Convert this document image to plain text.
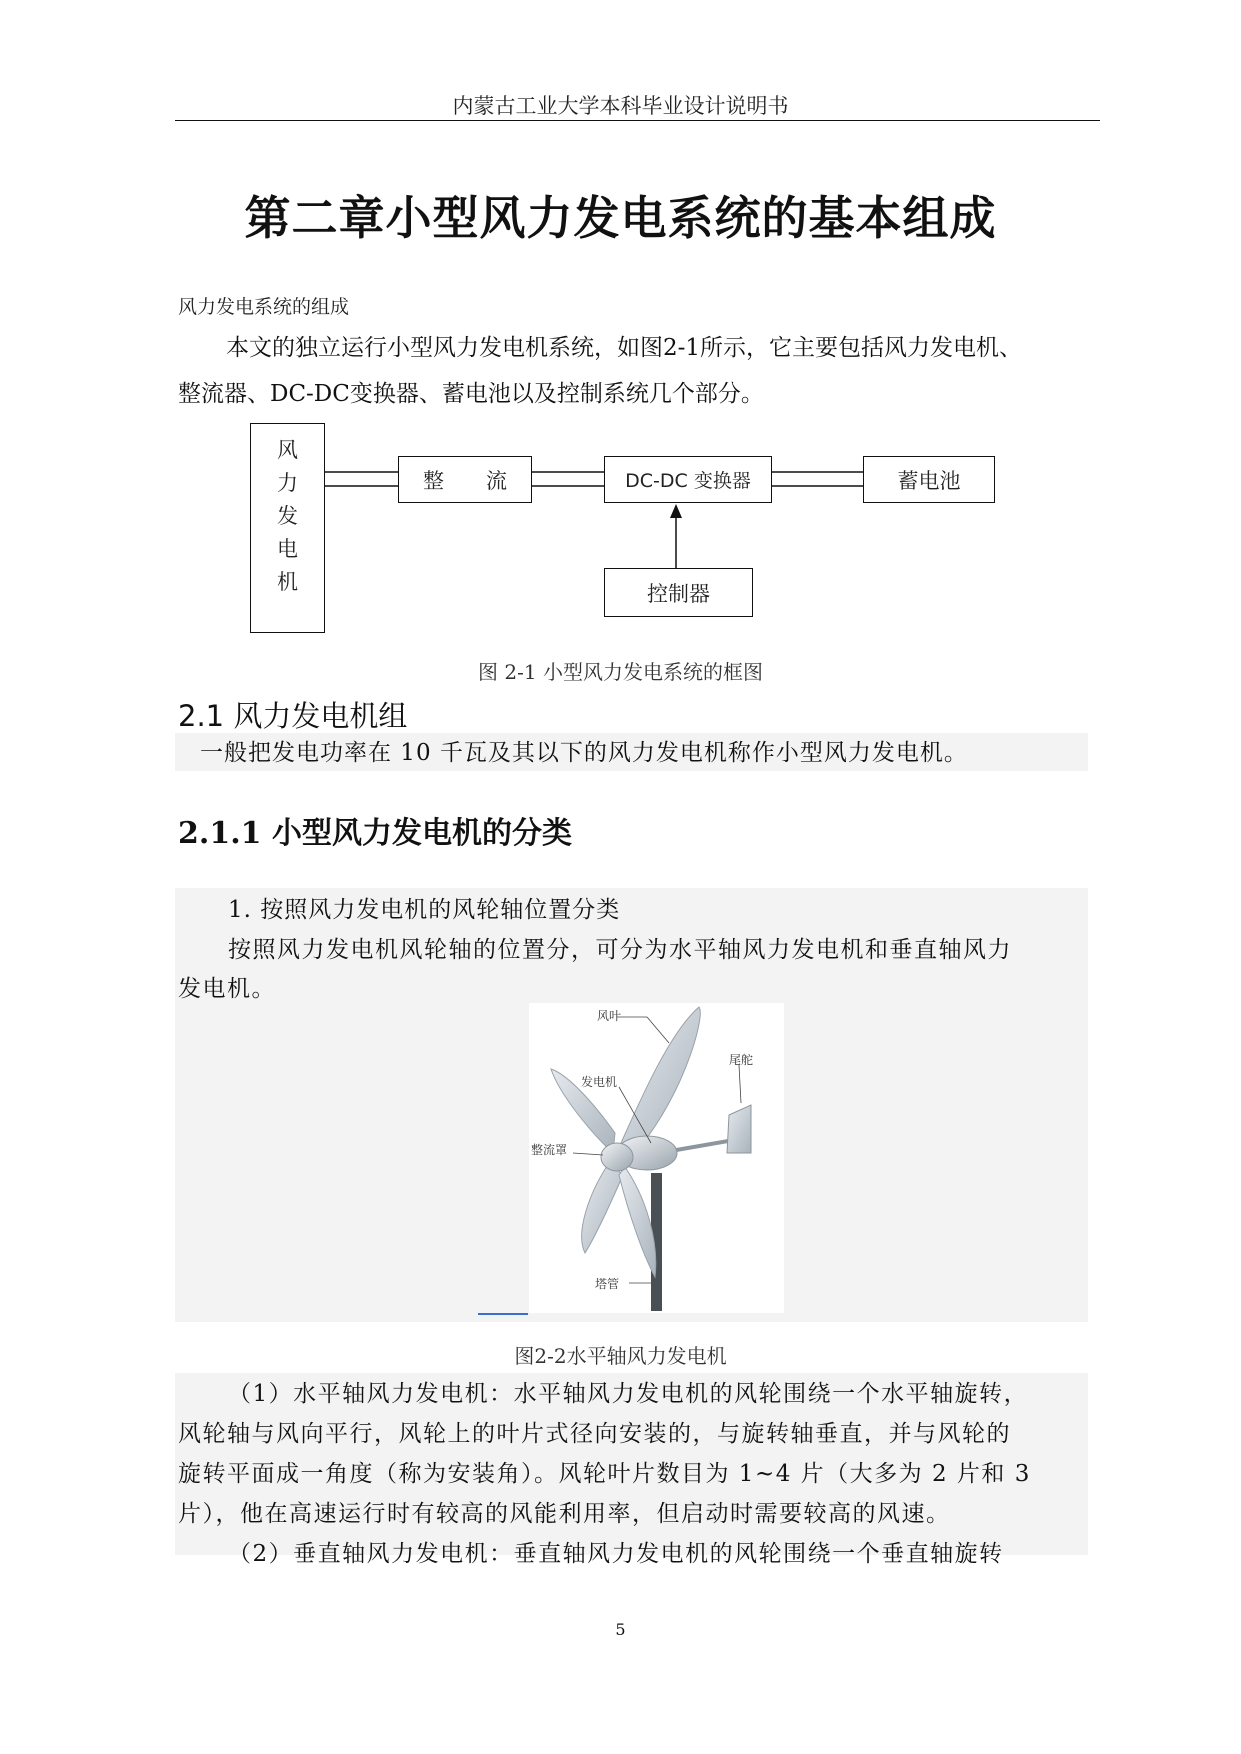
内蒙古工业大学本科毕业设计说明书
第二章小型风力发电系统的基本组成
风力发电系统的组成
本文的独立运行小型风力发电机系统，如图2-1所示，它主要包括风力发电机、
整流器、DC-DC变换器、蓄电池以及控制系统几个部分。
风
力
发
电
机
整　　流	DC-DC 变换器	蓄电池
控制器
图 2-1 小型风力发电系统的框图
2.1 风力发电机组
一般把发电功率在 10 千瓦及其以下的风力发电机称作小型风力发电机。
2.1.1 小型风力发电机的分类
1. 按照风力发电机的风轮轴位置分类
按照风力发电机风轮轴的位置分，可分为水平轴风力发电机和垂直轴风力
发电机。
风叶
尾舵
发电机
整流罩
塔管
图2-2水平轴风力发电机
（1）水平轴风力发电机：水平轴风力发电机的风轮围绕一个水平轴旋转，
风轮轴与风向平行，风轮上的叶片式径向安装的，与旋转轴垂直，并与风轮的
旋转平面成一角度（称为安装角）。风轮叶片数目为 1~4 片（大多为 2 片和 3
片），他在高速运行时有较高的风能利用率，但启动时需要较高的风速。
（2）垂直轴风力发电机：垂直轴风力发电机的风轮围绕一个垂直轴旋转
5
